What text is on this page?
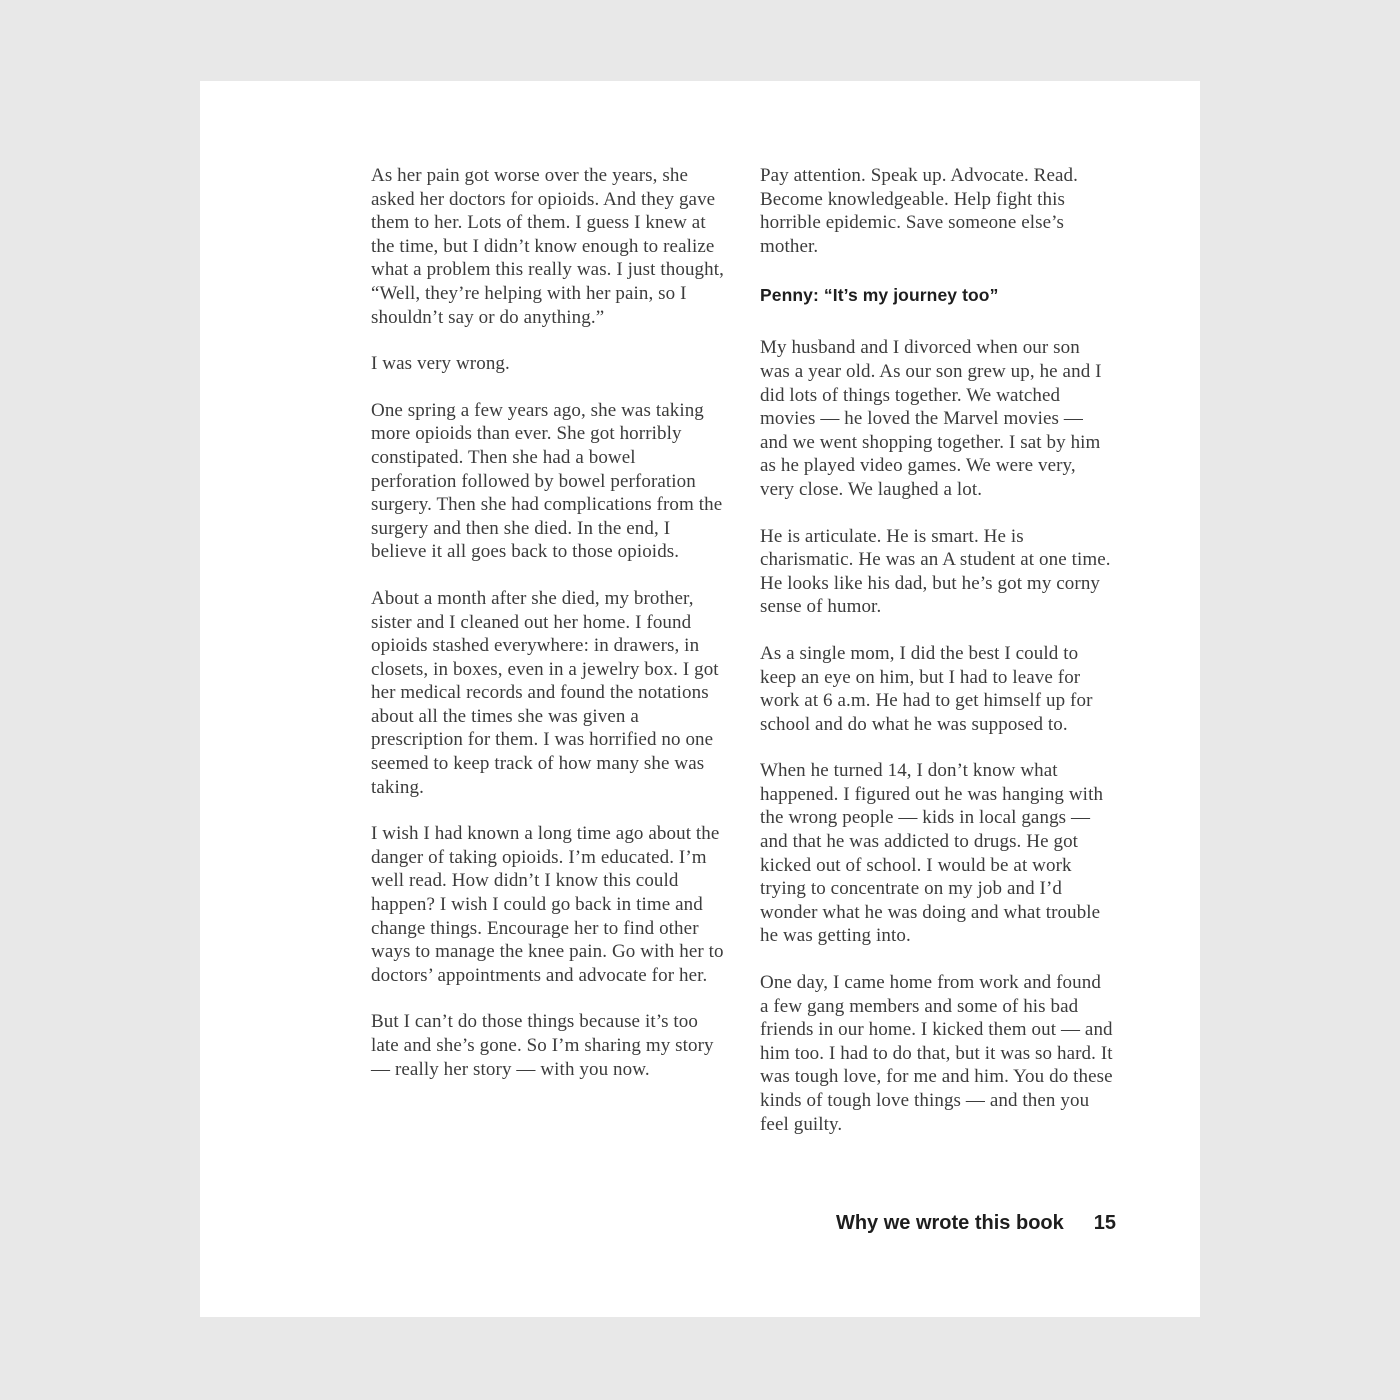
As her pain got worse over the years, she asked her doctors for opioids. And they gave them to her. Lots of them. I guess I knew at the time, but I didn’t know enough to realize what a problem this really was. I just thought, “Well, they’re helping with her pain, so I shouldn’t say or do anything.”

I was very wrong.

One spring a few years ago, she was taking more opioids than ever. She got horribly constipated. Then she had a bowel perforation followed by bowel perforation surgery. Then she had complications from the surgery and then she died. In the end, I believe it all goes back to those opioids.

About a month after she died, my brother, sister and I cleaned out her home. I found opioids stashed everywhere: in drawers, in closets, in boxes, even in a jewelry box. I got her medical records and found the notations about all the times she was given a prescription for them. I was horrified no one seemed to keep track of how many she was taking.

I wish I had known a long time ago about the danger of taking opioids. I’m educated. I’m well read. How didn’t I know this could happen? I wish I could go back in time and change things. Encourage her to find other ways to manage the knee pain. Go with her to doctors’ appointments and advocate for her.

But I can’t do those things because it’s too late and she’s gone. So I’m sharing my story — really her story — with you now.

Pay attention. Speak up. Advocate. Read. Become knowledgeable. Help fight this horrible epidemic. Save someone else’s mother.

Penny: “It’s my journey too”

My husband and I divorced when our son was a year old. As our son grew up, he and I did lots of things together. We watched movies — he loved the Marvel movies — and we went shopping together. I sat by him as he played video games. We were very, very close. We laughed a lot.

He is articulate. He is smart. He is charismatic. He was an A student at one time. He looks like his dad, but he’s got my corny sense of humor.

As a single mom, I did the best I could to keep an eye on him, but I had to leave for work at 6 a.m. He had to get himself up for school and do what he was supposed to.

When he turned 14, I don’t know what happened. I figured out he was hanging with the wrong people — kids in local gangs — and that he was addicted to drugs. He got kicked out of school. I would be at work trying to concentrate on my job and I’d wonder what he was doing and what trouble he was getting into.

One day, I came home from work and found a few gang members and some of his bad friends in our home. I kicked them out — and him too. I had to do that, but it was so hard. It was tough love, for me and him. You do these kinds of tough love things — and then you feel guilty.

Why we wrote this book 15
